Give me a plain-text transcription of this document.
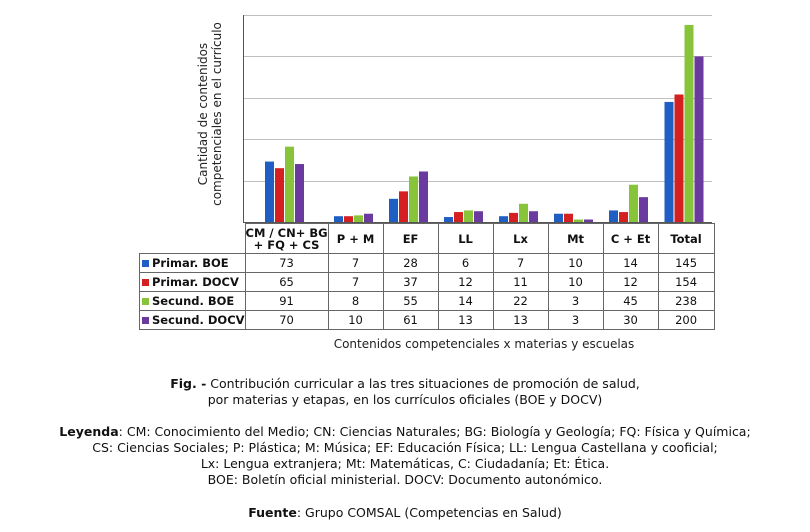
Cantidad de contenidos
competenciales en el currículo
	CM / CN+ BG
+ FQ + CS	P + M	EF	LL	Lx	Mt	C + Et	Total
Primar. BOE	73	7	28	6	7	10	14	145
Primar. DOCV	65	7	37	12	11	10	12	154
Secund. BOE	91	8	55	14	22	3	45	238
Secund. DOCV	70	10	61	13	13	3	30	200
Contenidos competenciales x materias y escuelas
Fig. - Contribución curricular a las tres situaciones de promoción de salud,
por materias y etapas, en los currículos oficiales (BOE y DOCV)
Leyenda: CM: Conocimiento del Medio; CN: Ciencias Naturales; BG: Biología y Geología; FQ: Física y Química;
CS: Ciencias Sociales; P: Plástica; M: Música; EF: Educación Física; LL: Lengua Castellana y cooficial;
Lx: Lengua extranjera; Mt: Matemáticas, C: Ciudadanía; Et: Ética.
BOE: Boletín oficial ministerial. DOCV: Documento autonómico.
Fuente: Grupo COMSAL (Competencias en Salud)
